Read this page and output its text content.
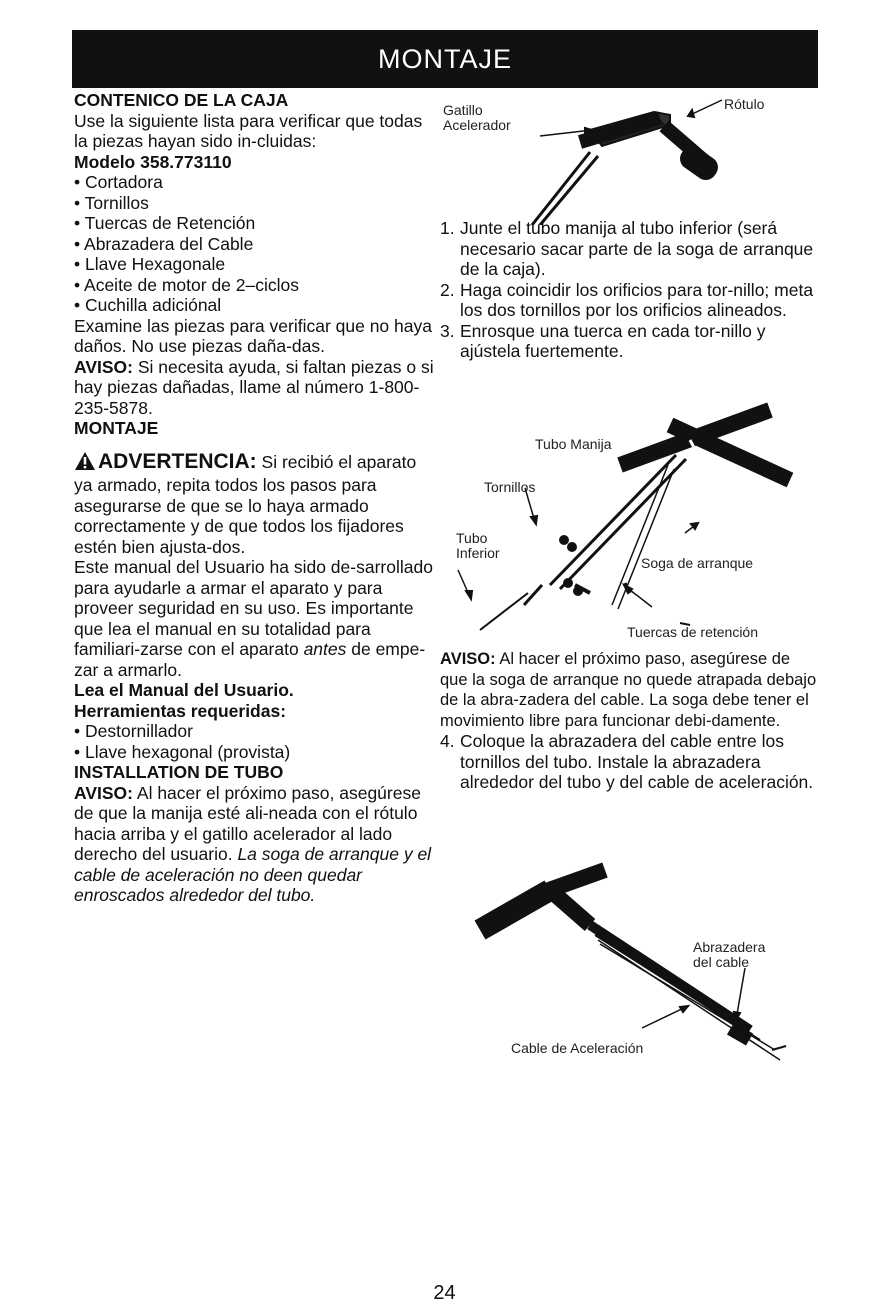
MONTAJE

CONTENICO DE LA CAJA

Use la siguiente lista para verificar que todas la piezas hayan sido in-cluidas:

Modelo 358.773110

• Cortadora

• Tornillos

• Tuercas de Retención

• Abrazadera del Cable

• Llave Hexagonale

• Aceite de motor de 2–ciclos

• Cuchilla adiciónal

Examine las piezas para verificar que no haya daños. No use piezas daña-das.

AVISO: Si necesita ayuda, si faltan piezas o si hay piezas dañadas, llame al número 1-800-235-5878.

MONTAJE

ADVERTENCIA: Si recibió el aparato ya armado, repita todos los pasos para asegurarse de que se lo haya armado correctamente y de que todos los fijadores estén bien ajusta-dos.

Este manual del Usuario ha sido de-sarrollado para ayudarle a armar el aparato y para proveer seguridad en su uso. Es importante que lea el manual en su totalidad para familiari-zarse con el aparato antes de empe-zar a armarlo.

Lea el Manual del Usuario.

Herramientas requeridas:

• Destornillador

• Llave hexagonal (provista)

INSTALLATION DE TUBO

AVISO: Al hacer el próximo paso, asegúrese de que la manija esté ali-neada con el rótulo hacia arriba y el gatillo acelerador al lado derecho del usuario. La soga de arranque y el cable de aceleración no deen quedar enroscados alrededor del tubo.

Gatillo
Acelerador
Rótulo
1. Junte el tubo manija al tubo inferior (será necesario sacar parte de la soga de arranque de la caja).
2. Haga coincidir los orificios para tor-nillo; meta los dos tornillos por los orificios alineados.
3. Enrosque una tuerca en cada tor-nillo y ajústela fuertemente.
Tubo Manija
Tornillos
Tubo
Inferior
Soga de arranque
Tuercas de retención

AVISO: Al hacer el próximo paso, asegúrese de que la soga de arranque no quede atrapada debajo de la abra-zadera del cable. La soga debe tener el movimiento libre para funcionar debi-damente.

4. Coloque la abrazadera del cable entre los tornillos del tubo. Instale la abrazadera alrededor del tubo y del cable de aceleración.
Abrazadera
del cable
Cable de Aceleración
24
